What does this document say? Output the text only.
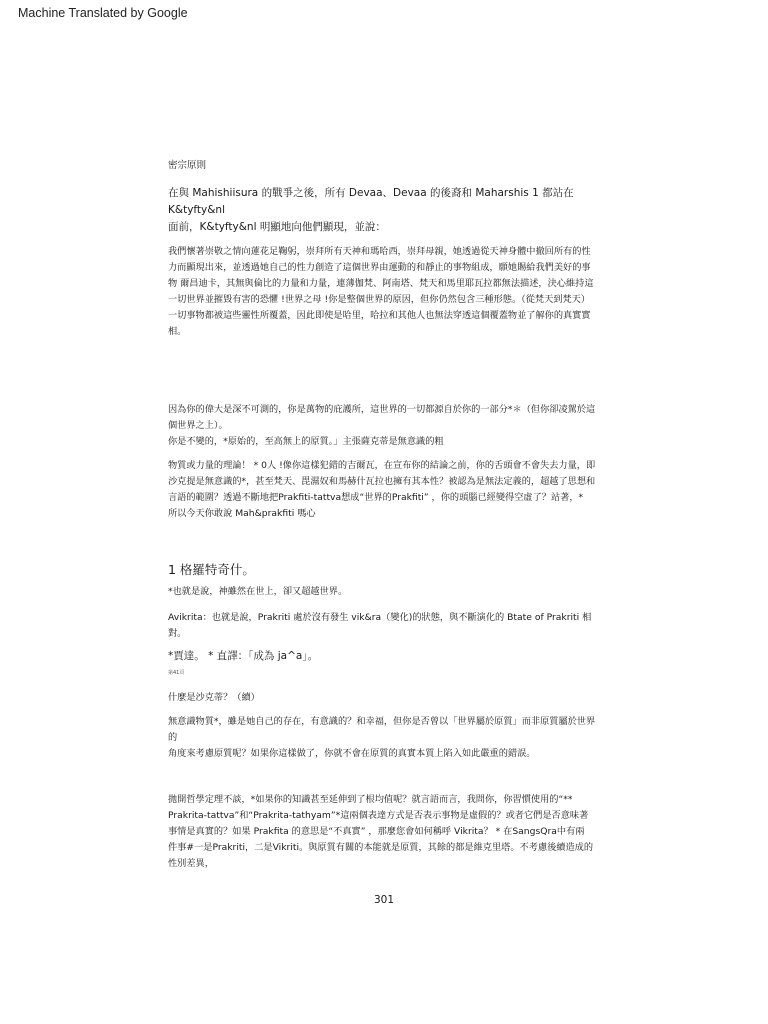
Machine Translated by Google

密宗原則

在與 Mahishiisura 的戰爭之後，所有 Devaa、Devaa 的後裔和 Maharshis 1 都站在 K&tyfty&nl
面前，K&tyfty&nl 明顯地向他們顯現，並說：

我們懷著崇敬之情向蓮花足鞠躬，崇拜所有天神和瑪哈西，崇拜母親，她透過從天神身體中撤回所有的性
力而顯現出來，並透過她自己的性力創造了這個世界由運動的和靜止的事物組成，願她賜給我們美好的事
物 爾昌迪卡，其無與倫比的力量和力量，連薄伽梵、阿南塔、梵天和馬里耶瓦拉都無法描述，決心維持這
一切世界並摧毀有害的恐懼 !世界之母 !你是整個世界的原因，但你仍然包含三種形態。（從梵天到梵天）
一切事物都被這些靈性所覆蓋，因此即使是哈里，哈拉和其他人也無法穿透這個覆蓋物並了解你的真實實
相。

因為你的偉大是深不可測的，你是萬物的庇護所，這世界的一切都源自於你的一部分*＊（但你卻凌駕於這
個世界之上）。

你是不變的，*原始的，至高無上的原質。」主張薩克蒂是無意識的粗

物質或力量的理論！ * 0人 !像你這樣犯錯的吉爾瓦，在宣布你的結論之前，你的舌頭會不會失去力量，即
沙克提是無意識的*，甚至梵天、毘濕奴和馬赫什瓦拉也擁有其本性？被認為是無法定義的，超越了思想和
言語的範圍？透過不斷地把Prakfiti-tattva想成“世界的Prakfiti” ，你的頭腦已經變得空虛了？站著，*
所以今天你敢說 Mah&prakfiti 嗎心

1 格羅特奇什。

*也就是說，神雖然在世上，卻又超越世界。

Avikrita：也就是說，Prakriti 處於沒有發生 vik&ra（變化)的狀態，與不斷演化的 Btate of Prakriti 相
對。

*賈達。 * 直譯：「成為 ja^a」。

第41頁

什麼是沙克蒂？（續）

無意識物質*，雖是她自己的存在，有意識的？和幸福，但你是否曾以「世界屬於原質」而非原質屬於世界的
角度來考慮原質呢？如果你這樣做了，你就不會在原質的真實本質上陷入如此嚴重的錯誤。

拋開哲學定理不談，*如果你的知識甚至延伸到了根均值呢？就言語而言，我問你，你習慣使用的“**
Prakrita-tattva”和“Prakrita-tathyam”*這兩個表達方式是否表示事物是虛假的？或者它們是否意味著
事情是真實的？如果 Prakfita 的意思是“不真實” ，那麼您會如何稱呼 Vikrita？ * 在SangsQra中有兩
件事#一是Prakriti，二是Vikriti。與原質有關的本能就是原質，其餘的都是維克里塔。不考慮後續造成的
性別差異，

301
